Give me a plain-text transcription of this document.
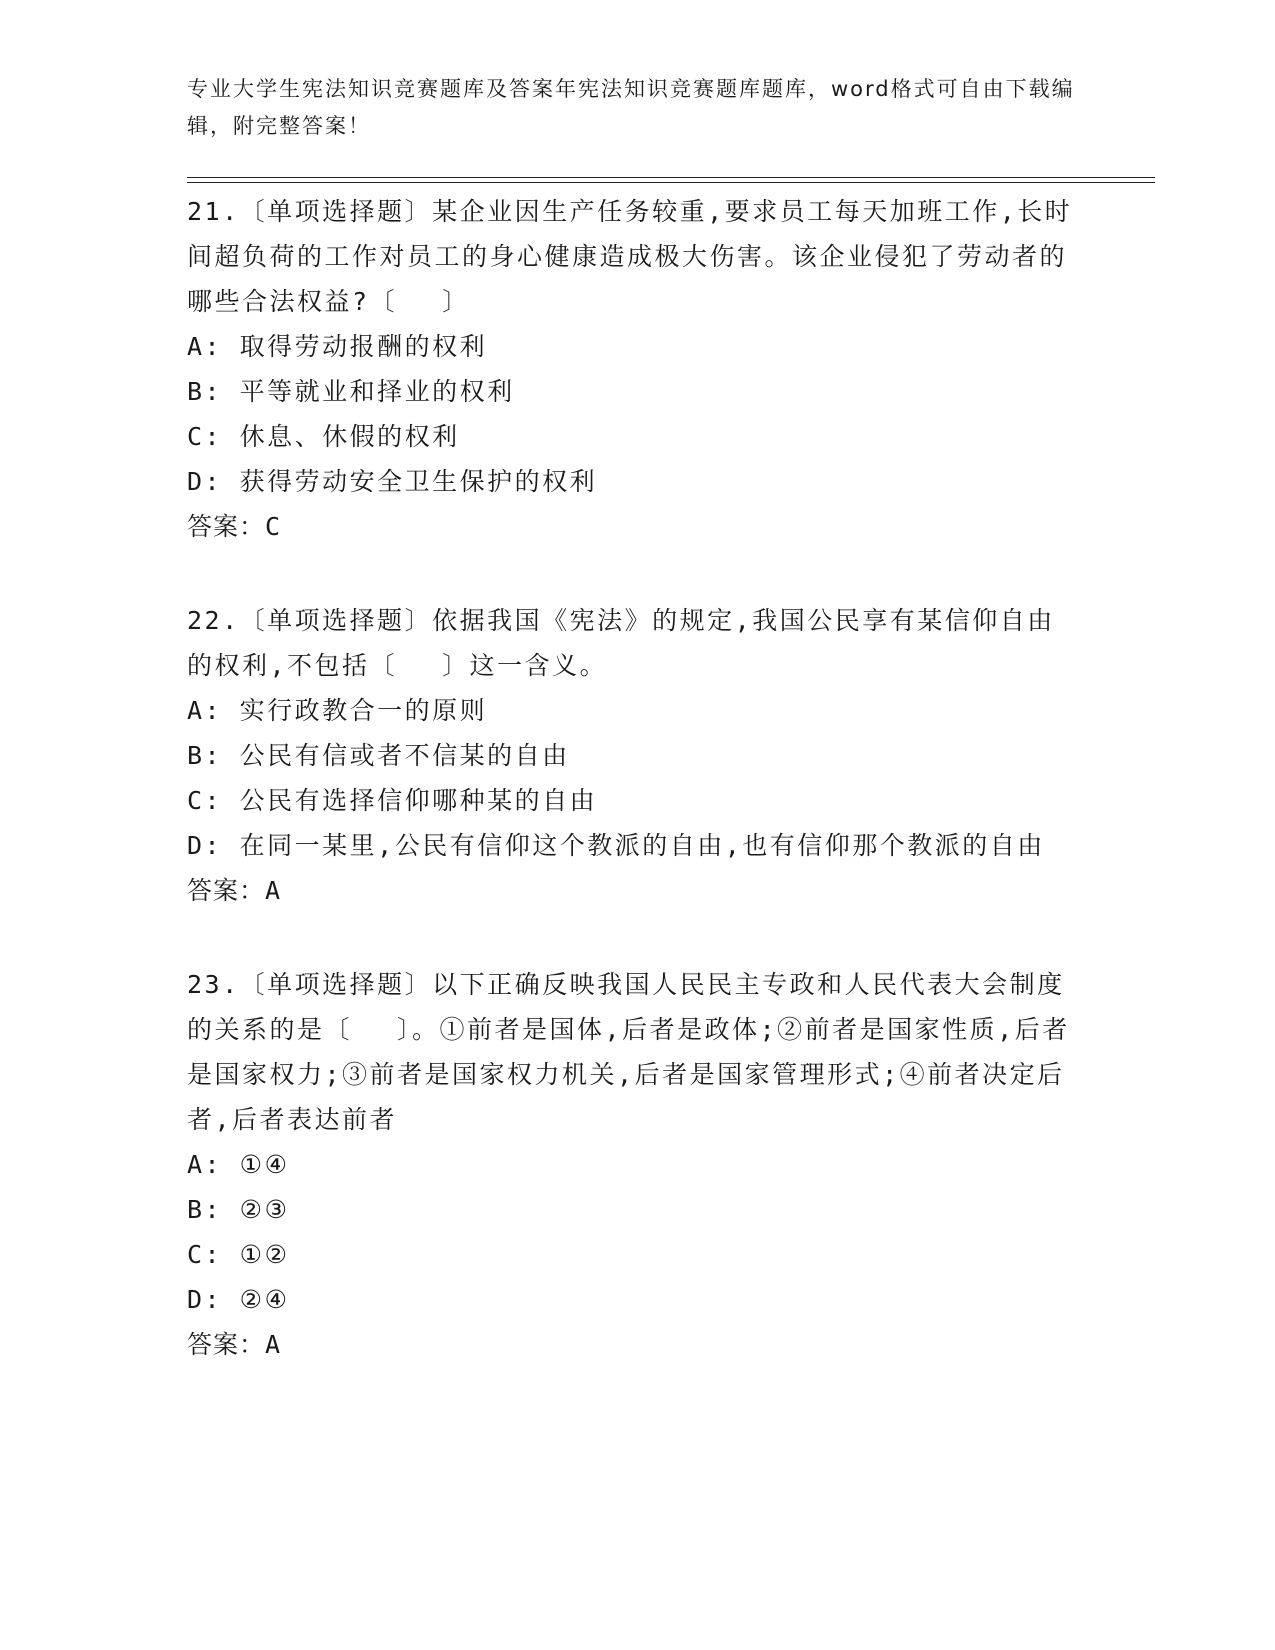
专业大学生宪法知识竞赛题库及答案年宪法知识竞赛题库题库，word格式可自由下载编辑，附完整答案！
21.〔单项选择题〕某企业因生产任务较重,要求员工每天加班工作,长时间超负荷的工作对员工的身心健康造成极大伤害。该企业侵犯了劳动者的哪些合法权益?〔 　〕
A: 取得劳动报酬的权利
B: 平等就业和择业的权利
C: 休息、休假的权利
D: 获得劳动安全卫生保护的权利
答案：C
22.〔单项选择题〕依据我国《宪法》的规定,我国公民享有某信仰自由的权利,不包括〔 　〕这一含义。
A: 实行政教合一的原则
B: 公民有信或者不信某的自由
C: 公民有选择信仰哪种某的自由
D: 在同一某里,公民有信仰这个教派的自由,也有信仰那个教派的自由
答案：A
23.〔单项选择题〕以下正确反映我国人民民主专政和人民代表大会制度的关系的是〔 　〕。①前者是国体,后者是政体;②前者是国家性质,后者是国家权力;③前者是国家权力机关,后者是国家管理形式;④前者决定后者,后者表达前者
A: ①④
B: ②③
C: ①②
D: ②④
答案：A
